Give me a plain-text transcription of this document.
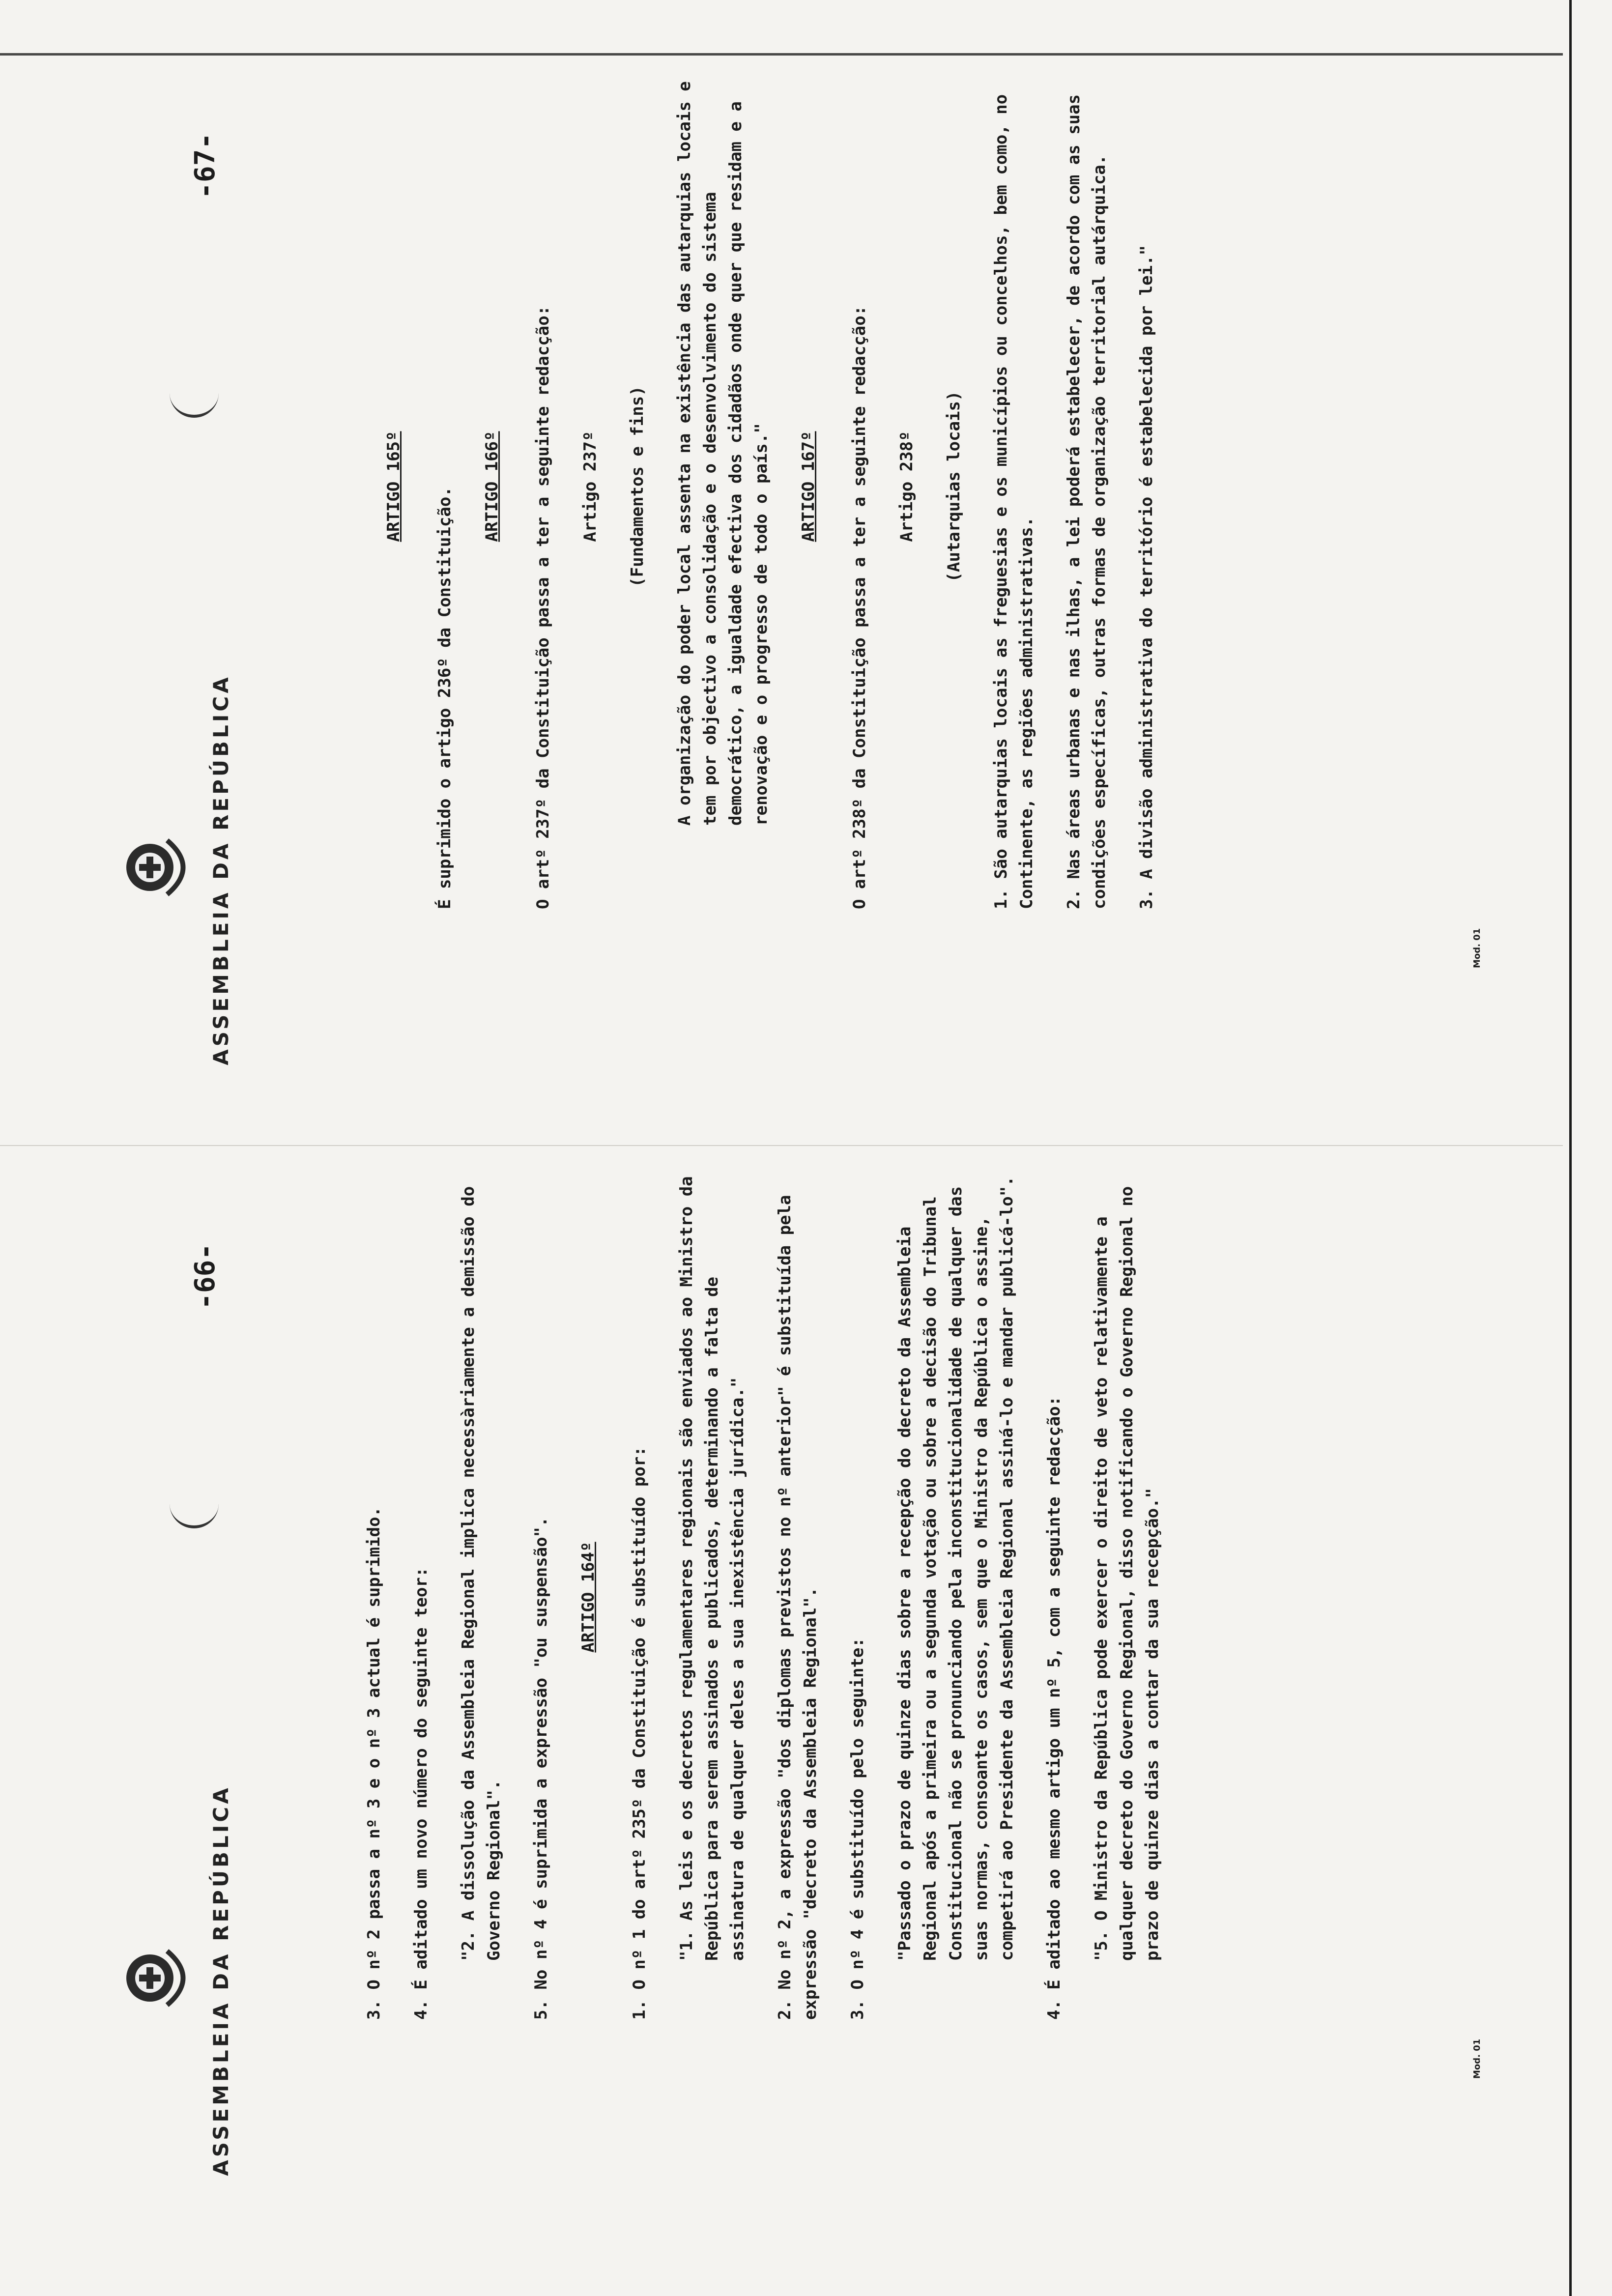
ASSEMBLEIA DA REPÚBLICA
-66-

3. O nº 2 passa a nº 3 e o nº 3 actual é suprimido. 4. É aditado um novo número do seguinte teor: "2. A dissolução da Assembleia Regional implica necessàriamente a demissão do Governo Regional". 5. No nº 4 é suprimida a expressão "ou suspensão". ARTIGO 164º 1. O nº 1 do artº 235º da Constituição é substituído por: "1. As leis e os decretos regulamentares regionais são enviados ao Ministro da República para serem assinados e publicados, determinando a falta de assinatura de qualquer deles a sua inexistência jurídica." 2. No nº 2, a expressão "dos diplomas previstos no nº anterior" é substituída pela expressão "decreto da Assembleia Regional". 3. O nº 4 é substituído pelo seguinte: "Passado o prazo de quinze dias sobre a recepção do decreto da Assembleia Regional após a primeira ou a segunda votação ou sobre a decisão do Tribunal Constitucional não se pronunciando pela inconstitucionalidade de qualquer das suas normas, consoante os casos, sem que o Ministro da República o assine, competirá ao Presidente da Assembleia Regional assiná-lo e mandar publicá-lo". 4. É aditado ao mesmo artigo um nº 5, com a seguinte redacção: "5. O Ministro da República pode exercer o direito de veto relativamente a qualquer decreto do Governo Regional, disso notificando o Governo Regional no prazo de quinze dias a contar da sua recepção."

Mod. 01
ASSEMBLEIA DA REPÚBLICA
-67-

ARTIGO 165º

É suprimido o artigo 236º da Constituição.

ARTIGO 166º O artº 237º da Constituição passa a ter a seguinte redacção: Artigo 237º (Fundamentos e fins) A organização do poder local assenta na existência das autarquias locais e tem por objectivo a consolidação e o desenvolvimento do sistema democrático, a igualdade efectiva dos cidadãos onde quer que residam e a renovação e o progresso de todo o país." ARTIGO 167º O artº 238º da Constituição passa a ter a seguinte redacção: Artigo 238º (Autarquias locais) 1. São autarquias locais as freguesias e os municípios ou concelhos, bem como, no Continente, as regiões administrativas. 2. Nas áreas urbanas e nas ilhas, a lei poderá estabelecer, de acordo com as suas condições específicas, outras formas de organização territorial autárquica. 3. A divisão administrativa do território é estabelecida por lei."

Mod. 01
